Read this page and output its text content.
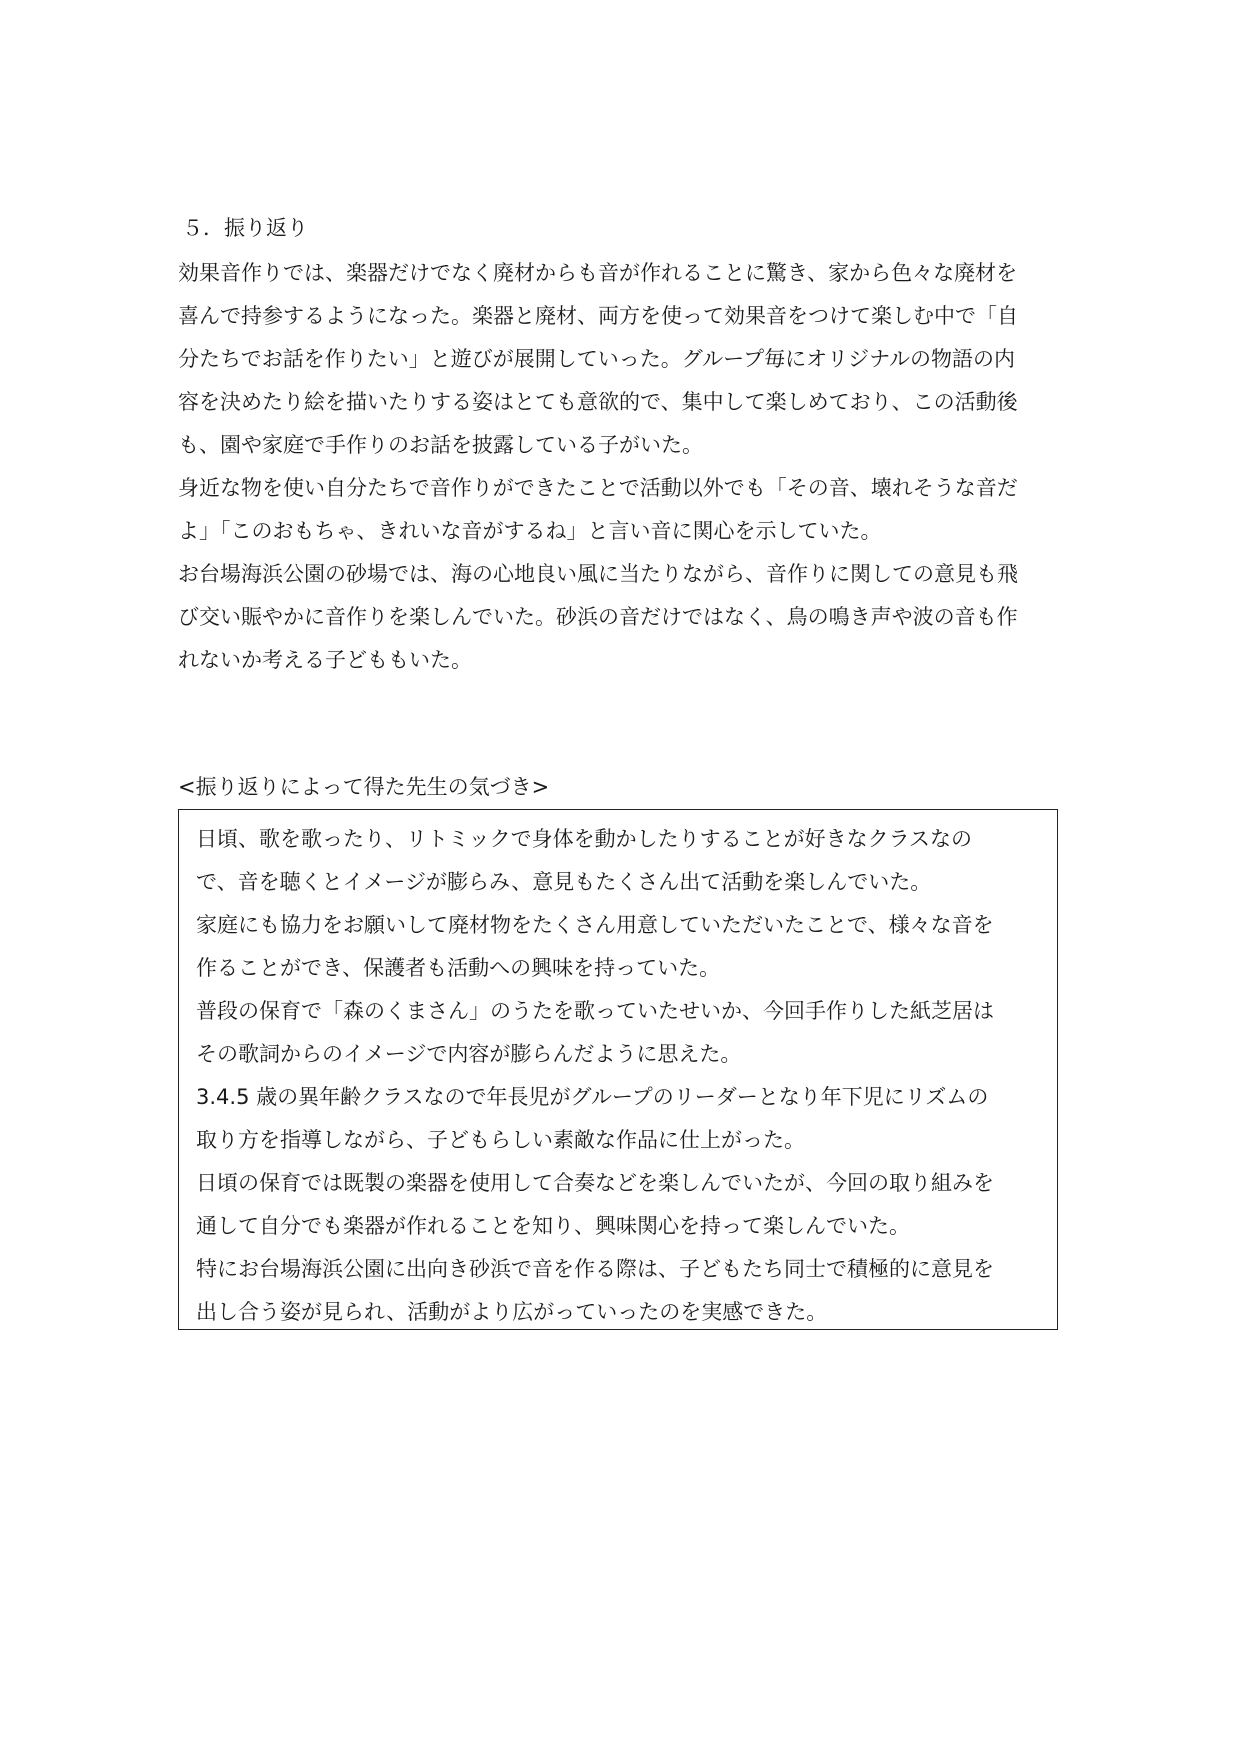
５．振り返り
効果音作りでは、楽器だけでなく廃材からも音が作れることに驚き、家から色々な廃材を
喜んで持参するようになった。楽器と廃材、両方を使って効果音をつけて楽しむ中で「自
分たちでお話を作りたい」と遊びが展開していった。グループ毎にオリジナルの物語の内
容を決めたり絵を描いたりする姿はとても意欲的で、集中して楽しめており、この活動後
も、園や家庭で手作りのお話を披露している子がいた。
身近な物を使い自分たちで音作りができたことで活動以外でも「その音、壊れそうな音だ
よ」「このおもちゃ、きれいな音がするね」と言い音に関心を示していた。
お台場海浜公園の砂場では、海の心地良い風に当たりながら、音作りに関しての意見も飛
び交い賑やかに音作りを楽しんでいた。砂浜の音だけではなく、鳥の鳴き声や波の音も作
れないか考える子どももいた。
<振り返りによって得た先生の気づき>
日頃、歌を歌ったり、リトミックで身体を動かしたりすることが好きなクラスなの
で、音を聴くとイメージが膨らみ、意見もたくさん出て活動を楽しんでいた。
家庭にも協力をお願いして廃材物をたくさん用意していただいたことで、様々な音を
作ることができ、保護者も活動への興味を持っていた。
普段の保育で「森のくまさん」のうたを歌っていたせいか、今回手作りした紙芝居は
その歌詞からのイメージで内容が膨らんだように思えた。
3.4.5 歳の異年齢クラスなので年長児がグループのリーダーとなり年下児にリズムの
取り方を指導しながら、子どもらしい素敵な作品に仕上がった。
日頃の保育では既製の楽器を使用して合奏などを楽しんでいたが、今回の取り組みを
通して自分でも楽器が作れることを知り、興味関心を持って楽しんでいた。
特にお台場海浜公園に出向き砂浜で音を作る際は、子どもたち同士で積極的に意見を
出し合う姿が見られ、活動がより広がっていったのを実感できた。
